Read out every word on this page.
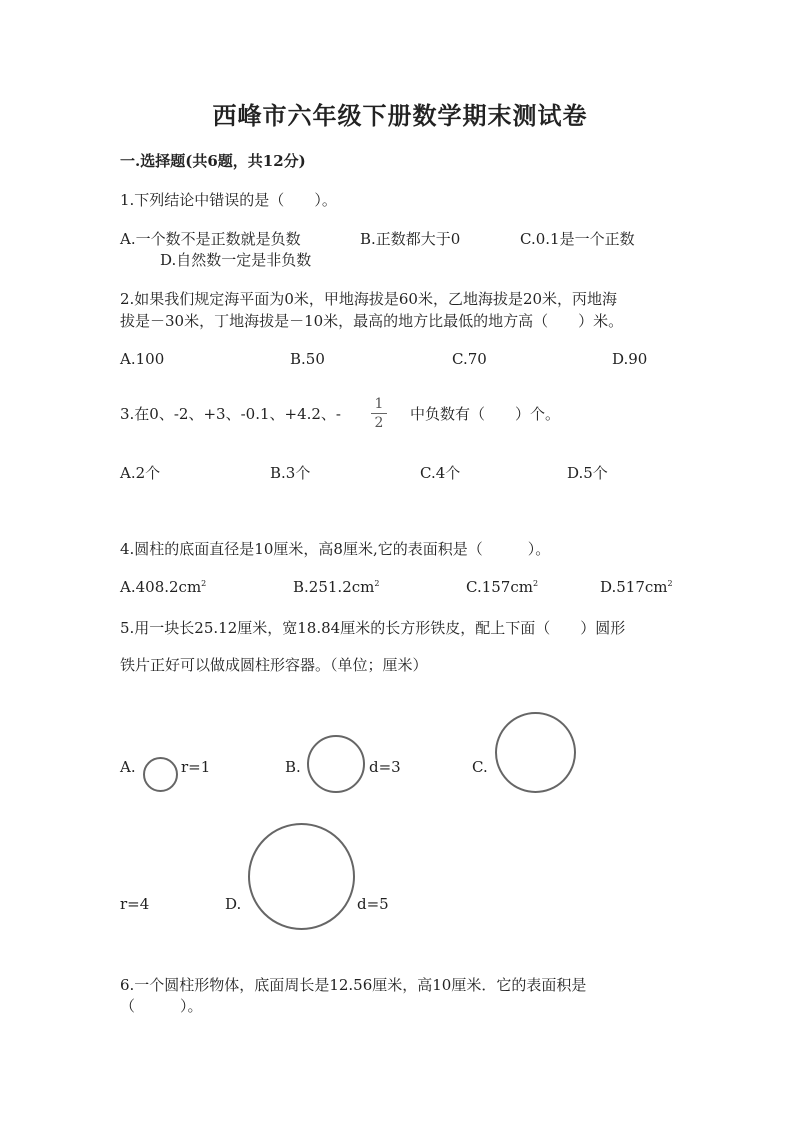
西峰市六年级下册数学期末测试卷
一.选择题(共6题，共12分)
1.下列结论中错误的是（　　）。
A.一个数不是正数就是负数	B.正数都大于0	C.0.1是一个正数
D.自然数一定是非负数
2.如果我们规定海平面为0米，甲地海拔是60米，乙地海拔是20米，丙地海
拔是－30米，丁地海拔是－10米，最高的地方比最低的地方高（　　）米。
A.100	B.50	C.70	D.90
3.在0、-2、+3、-0.1、+4.2、-
1
2	中负数有（　　）个。
A.2个	B.3个	C.4个	D.5个
4.圆柱的底面直径是10厘米，高8厘米,它的表面积是（　　　）。
$A.408.2cm^2$	$B.251.2cm^2$	$C.157cm^2$	$D.517cm^2$
5.用一块长25.12厘米，宽18.84厘米的长方形铁皮，配上下面（　　）圆形
铁片正好可以做成圆柱形容器。（单位；厘米）
A.	r=1	B.	d=3	C.
r=4	D.	d=5
6.一个圆柱形物体，底面周长是12.56厘米，高10厘米．它的表面积是
（　　　）。
